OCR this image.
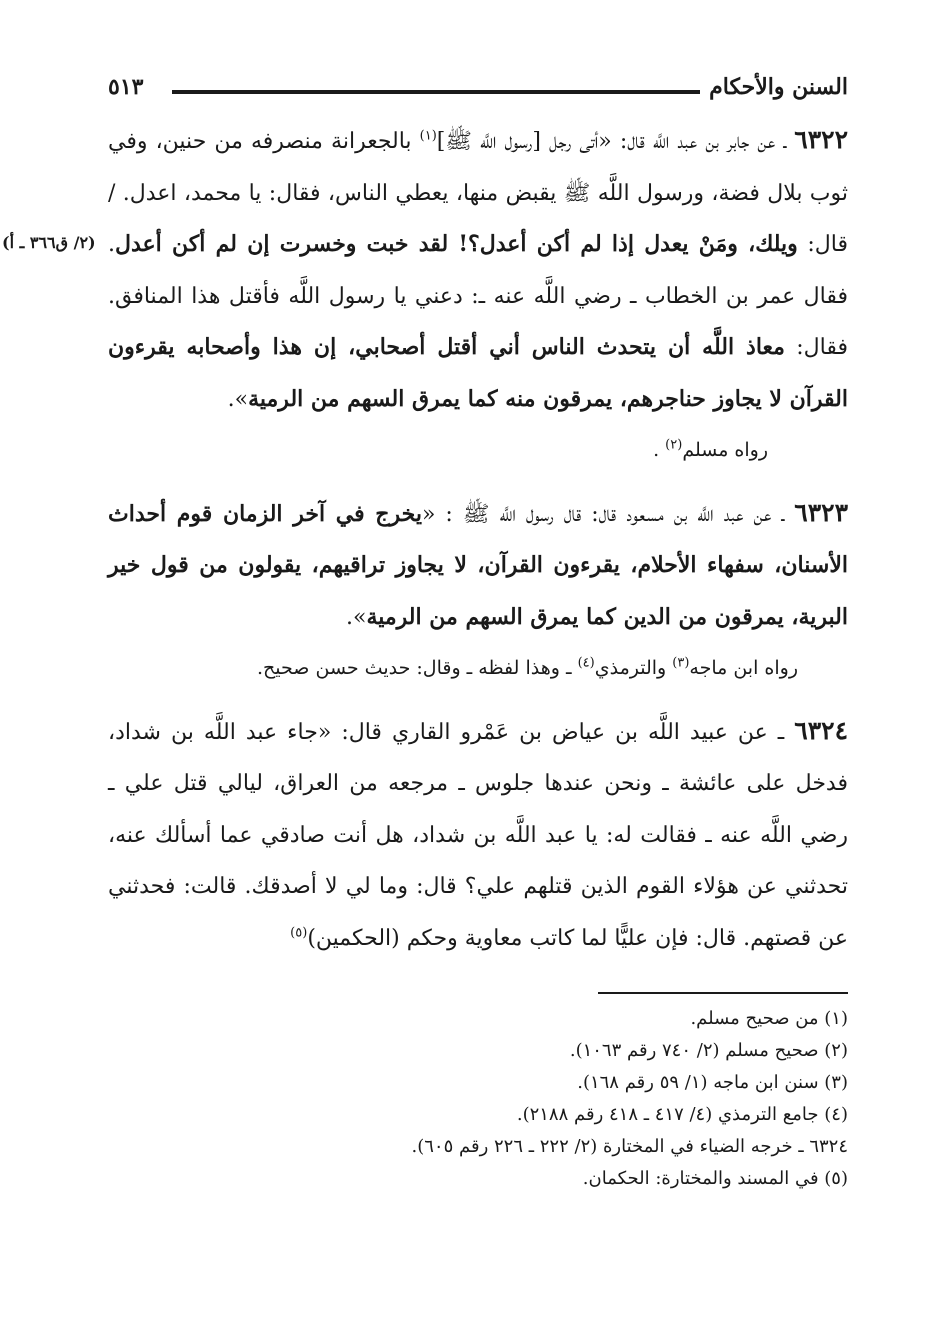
السنن والأحكام
٥١٣
(٢/ ق٣٦٦ ـ أ)

٦٣٢٢ ـ عن جابر بن عبد اللَّه قال: «أتى رجل [رسول اللَّه ﷺ]$^{(١)}$ بالجعرانة منصرفه من حنين، وفي ثوب بلال فضة، ورسول اللَّه ﷺ يقبض منها، يعطي الناس، فقال: يا محمد، اعدل. / قال: ويلك، ومَنْ يعدل إذا لم أكن أعدل؟! لقد خبت وخسرت إن لم أكن أعدل. فقال عمر بن الخطاب ـ رضي اللَّه عنه ـ: دعني يا رسول اللَّه فأقتل هذا المنافق. فقال: معاذ اللَّه أن يتحدث الناس أني أقتل أصحابي، إن هذا وأصحابه يقرءون القرآن لا يجاوز حناجرهم، يمرقون منه كما يمرق السهم من الرمية».

رواه مسلم$^{(٢)}$ .

٦٣٢٣ ـ عن عبد اللَّه بن مسعود قال: قال رسول اللَّه ﷺ : «يخرج في آخر الزمان قوم أحداث الأسنان، سفهاء الأحلام، يقرءون القرآن، لا يجاوز تراقيهم، يقولون من قول خير البرية، يمرقون من الدين كما يمرق السهم من الرمية».

رواه ابن ماجه$^{(٣)}$ والترمذي$^{(٤)}$ ـ وهذا لفظه ـ وقال: حديث حسن صحيح.

٦٣٢٤ ـ عن عبيد اللَّه بن عياض بن عَمْرو القاري قال: «جاء عبد اللَّه بن شداد، فدخل على عائشة ـ ونحن عندها جلوس ـ مرجعه من العراق، ليالي قتل علي ـ رضي اللَّه عنه ـ فقالت له: يا عبد اللَّه بن شداد، هل أنت صادقي عما أسألك عنه، تحدثني عن هؤلاء القوم الذين قتلهم علي؟ قال: وما لي لا أصدقك. قالت: فحدثني عن قصتهم. قال: فإن عليًّا لما كاتب معاوية وحكم (الحكمين)$^{(٥)}$

(١) من صحيح مسلم.

(٢) صحيح مسلم (٢/ ٧٤٠ رقم ١٠٦٣).

(٣) سنن ابن ماجه (١/ ٥٩ رقم ١٦٨).

(٤) جامع الترمذي (٤/ ٤١٧ ـ ٤١٨ رقم ٢١٨٨).

٦٣٢٤ ـ خرجه الضياء في المختارة (٢/ ٢٢٢ ـ ٢٢٦ رقم ٦٠٥).

(٥) في المسند والمختارة: الحكمان.
